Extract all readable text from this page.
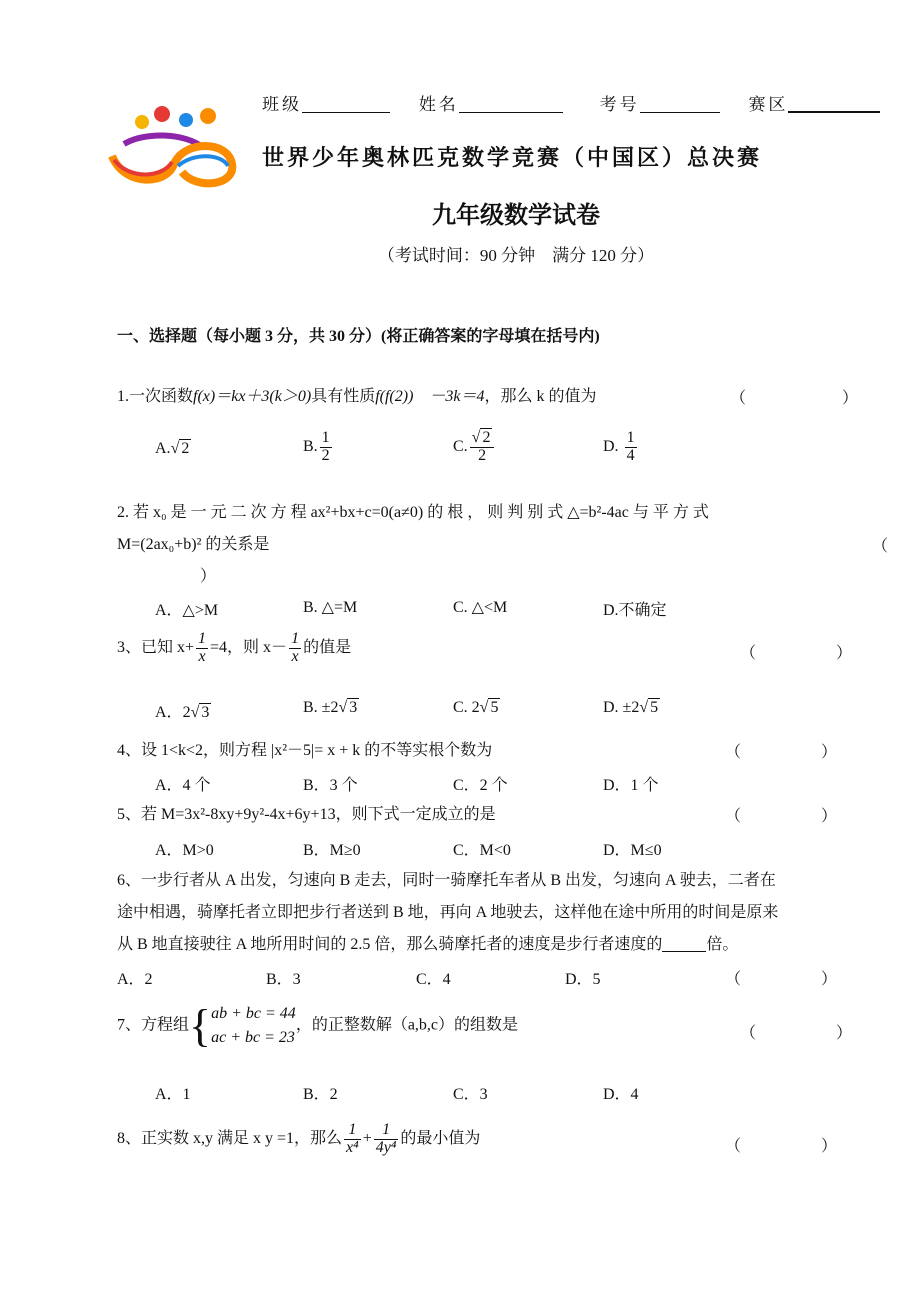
班级	姓名	考号	赛区
世界少年奥林匹克数学竞赛（中国区）总决赛
九年级数学试卷
（考试时间：90 分钟　满分 120 分）
一、选择题（每小题 3 分，共 30 分）(将正确答案的字母填在括号内)
1.一次函数f(x)＝kx＋3(k＞0)具有性质f(f(2))　－3k＝4，那么 k 的值为	（　　　　　　）
A.√ 2	B. $\frac{1}{2}$	C. $\frac{√ 2}{2}$	D. $\frac{1}{4}$
2. 若 x₀ 是 一 元 二 次 方 程 ax²+bx+c=0(a≠0) 的 根 ， 则 判 别 式 △=b²-4ac 与 平 方 式
M=(2ax₀+b)² 的关系是	（
）
A．△>M	B. △=M	C. △<M	D.不确定
3、已知 $x+ \frac{1}{x} =4$，则 $x- \frac{1}{x}$ 的值是	（　　　　　）
A．2√ 3	B. ±2√ 3	C. 2√ 5	D. ±2√ 5
4、设 1<k<2，则方程 |x²－5|= x + k 的不等实根个数为	（　　　　　）
A．4 个	B．3 个	C．2 个	D．1 个
5、若 M=3x²-8xy+9y²-4x+6y+13，则下式一定成立的是	（　　　　　）
A．M>0	B．M≥0	C．M<0	D．M≤0
6、一步行者从 A 出发，匀速向 B 走去，同时一骑摩托车者从 B 出发，匀速向 A 驶去，二者在
途中相遇，骑摩托者立即把步行者送到 B 地，再向 A 地驶去，这样他在途中所用的时间是原来
从 B 地直接驶往 A 地所用时间的 2.5 倍，那么骑摩托者的速度是步行者速度的	倍。
A．2	B．3	C．4	D．5	（　　　　　）
7、方程组{ ab + bc = 44
ac + bc = 23
，的正整数解（a,b,c）的组数是	（　　　　　）
A．1	B．2	C．3	D．4
8、正实数 x,y 满足 x y =1，那么 $\frac{1}{\text{x⁴}} + \frac{1}{\text{4y⁴}}$ 的最小值为	（　　　　　）
